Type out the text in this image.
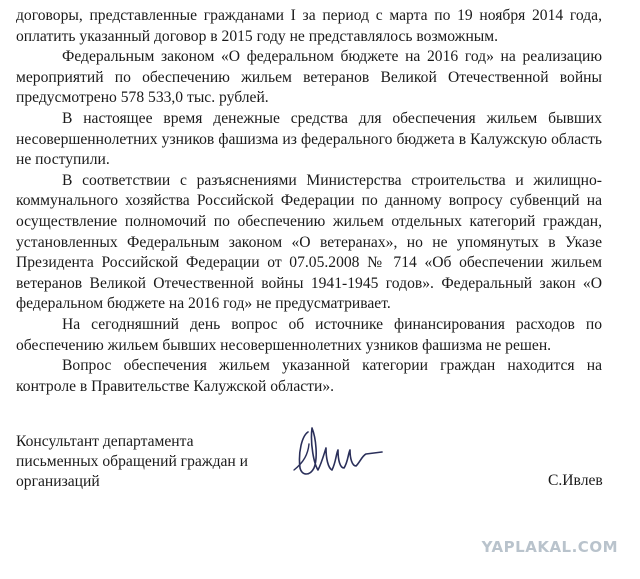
договоры, представленные гражданами I за период с марта по 19 ноября 2014 года, оплатить указанный договор в 2015 году не представлялось возможным.

Федеральным законом «О федеральном бюджете на 2016 год» на реализацию мероприятий по обеспечению жильем ветеранов Великой Отечественной войны предусмотрено 578 533,0 тыс. рублей.

В настоящее время денежные средства для обеспечения жильем бывших несовершеннолетних узников фашизма из федерального бюджета в Калужскую область не поступили.

В соответствии с разъяснениями Министерства строительства и жилищно-коммунального хозяйства Российской Федерации по данному вопросу субвенций на осуществление полномочий по обеспечению жильем отдельных категорий граждан, установленных Федеральным законом «О ветеранах», но не упомянутых в Указе Президента Российской Федерации от 07.05.2008 № 714 «Об обеспечении жильем ветеранов Великой Отечественной войны 1941-1945 годов». Федеральный закон «О федеральном бюджете на 2016 год» не предусматривает.

На сегодняшний день вопрос об источнике финансирования расходов по обеспечению жильем бывших несовершеннолетних узников фашизма не решен.

Вопрос обеспечения жильем указанной категории граждан находится на контроле в Правительстве Калужской области».

Консультант департамента
письменных обращений граждан и
организаций	С.Ивлев
YAPLAKAL.COM
